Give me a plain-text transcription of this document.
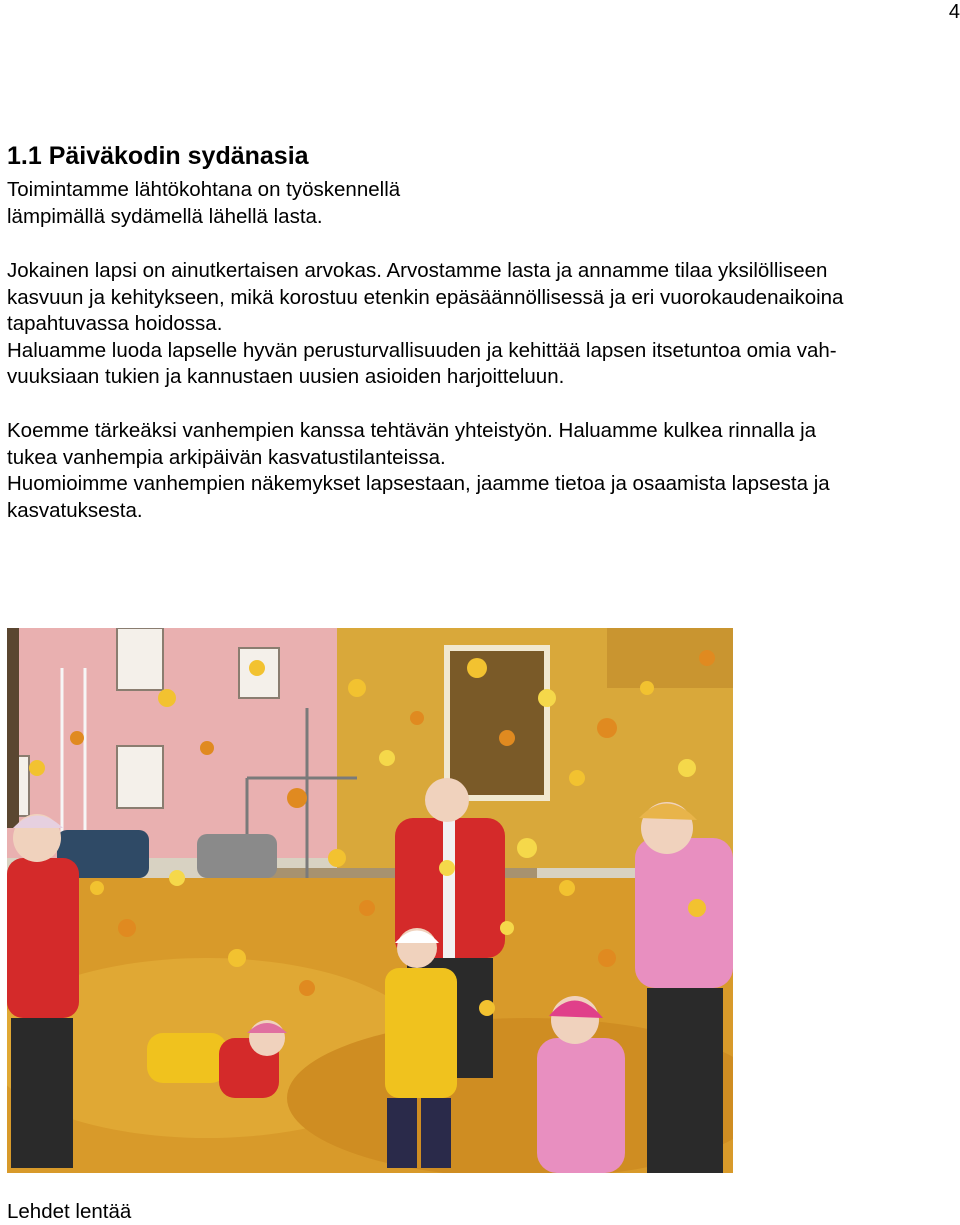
4
1.1 Päiväkodin sydänasia

Toimintamme lähtökohtana on työskennellä
lämpimällä sydämellä lähellä lasta.

Jokainen lapsi on ainutkertaisen arvokas. Arvostamme lasta ja annamme tilaa yksilölliseen
kasvuun ja kehitykseen, mikä korostuu etenkin epäsäännöllisessä ja eri vuorokaudenaikoina
tapahtuvassa hoidossa.
Haluamme luoda lapselle hyvän perusturvallisuuden ja kehittää lapsen itsetuntoa omia vah-
vuuksiaan tukien ja kannustaen uusien asioiden harjoitteluun.

Koemme tärkeäksi vanhempien kanssa tehtävän yhteistyön. Haluamme kulkea rinnalla ja
tukea vanhempia arkipäivän kasvatustilanteissa.
Huomioimme vanhempien näkemykset lapsestaan, jaamme tietoa ja osaamista lapsesta ja
kasvatuksesta.

Lehdet lentää
